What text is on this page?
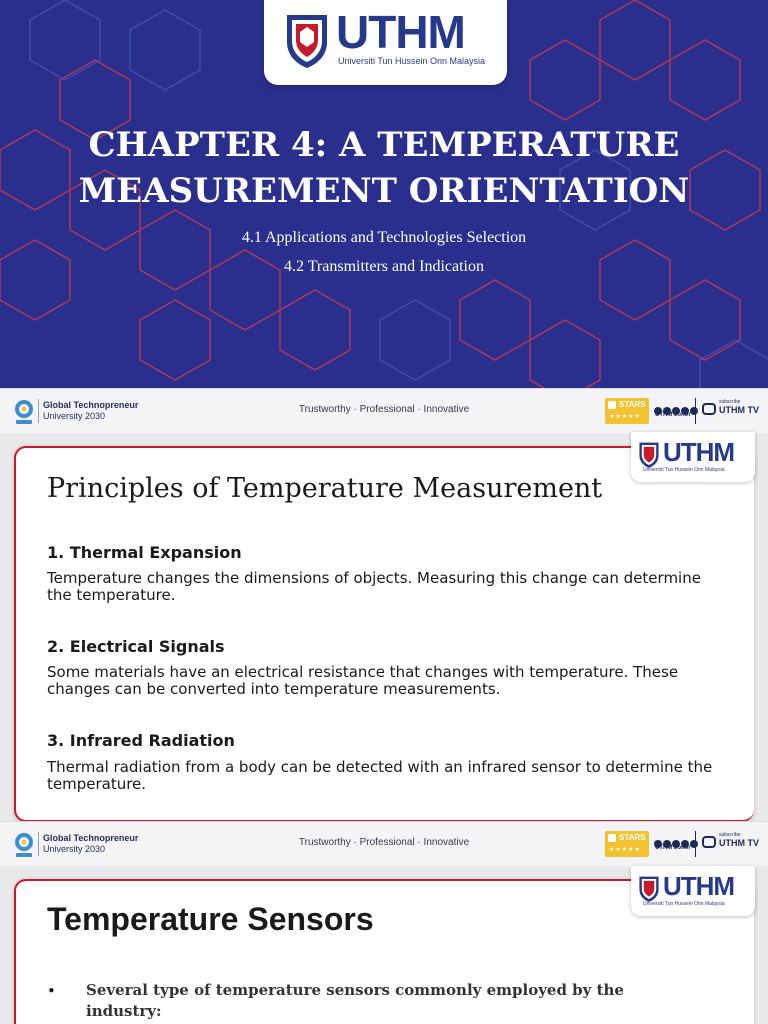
UTHM
Universiti Tun Hussein Onn Malaysia
CHAPTER 4: A TEMPERATURE
MEASUREMENT ORIENTATION
4.1 Applications and Technologies Selection
4.2 Transmitters and Indication
Global Technopreneur
University 2030
Trustworthy · Professional · Innovative	STARS
★★★★★ UTHM Johor
subscribe
UTHM TV
UTHM
Universiti Tun Hussein Onn Malaysia
Principles of Temperature Measurement
1. Thermal Expansion
Temperature changes the dimensions of objects. Measuring this change can determine the temperature.
2. Electrical Signals
Some materials have an electrical resistance that changes with temperature. These changes can be converted into temperature measurements.
3. Infrared Radiation
Thermal radiation from a body can be detected with an infrared sensor to determine the temperature.
Global Technopreneur
University 2030
Trustworthy · Professional · Innovative	STARS
★★★★★ UTHM Johor
subscribe
UTHM TV
UTHM
Universiti Tun Hussein Onn Malaysia
Temperature Sensors
• Several type of temperature sensors commonly employed by the industry:
